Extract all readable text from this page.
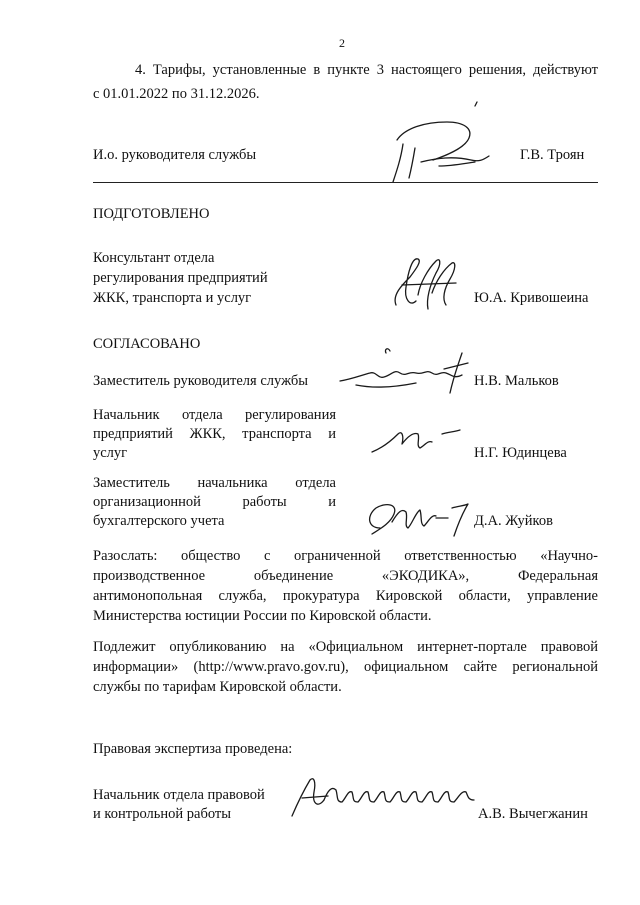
2
4. Тарифы, установленные в пункте 3 настоящего решения, действуют
с 01.01.2022 по 31.12.2026.
И.о. руководителя службы	Г.В. Троян
ПОДГОТОВЛЕНО
Консультант отдела
регулирования предприятий
ЖКК, транспорта и услуг	Ю.А. Кривошеина
СОГЛАСОВАНО
Заместитель руководителя службы	Н.В. Мальков
Начальник отдела регулирования
предприятий ЖКК, транспорта и
услуг	Н.Г. Юдинцева
Заместитель начальника отдела
организационной работы и
бухгалтерского учета	Д.А. Жуйков
Разослать: общество с ограниченной ответственностью «Научно-
производственное объединение «ЭКОДИКА», Федеральная
антимонопольная служба, прокуратура Кировской области, управление
Министерства юстиции России по Кировской области.
Подлежит опубликованию на «Официальном интернет-портале правовой
информации» (http://www.pravo.gov.ru), официальном сайте региональной
службы по тарифам Кировской области.
Правовая экспертиза проведена:
Начальник отдела правовой
и контрольной работы	А.В. Вычегжанин
